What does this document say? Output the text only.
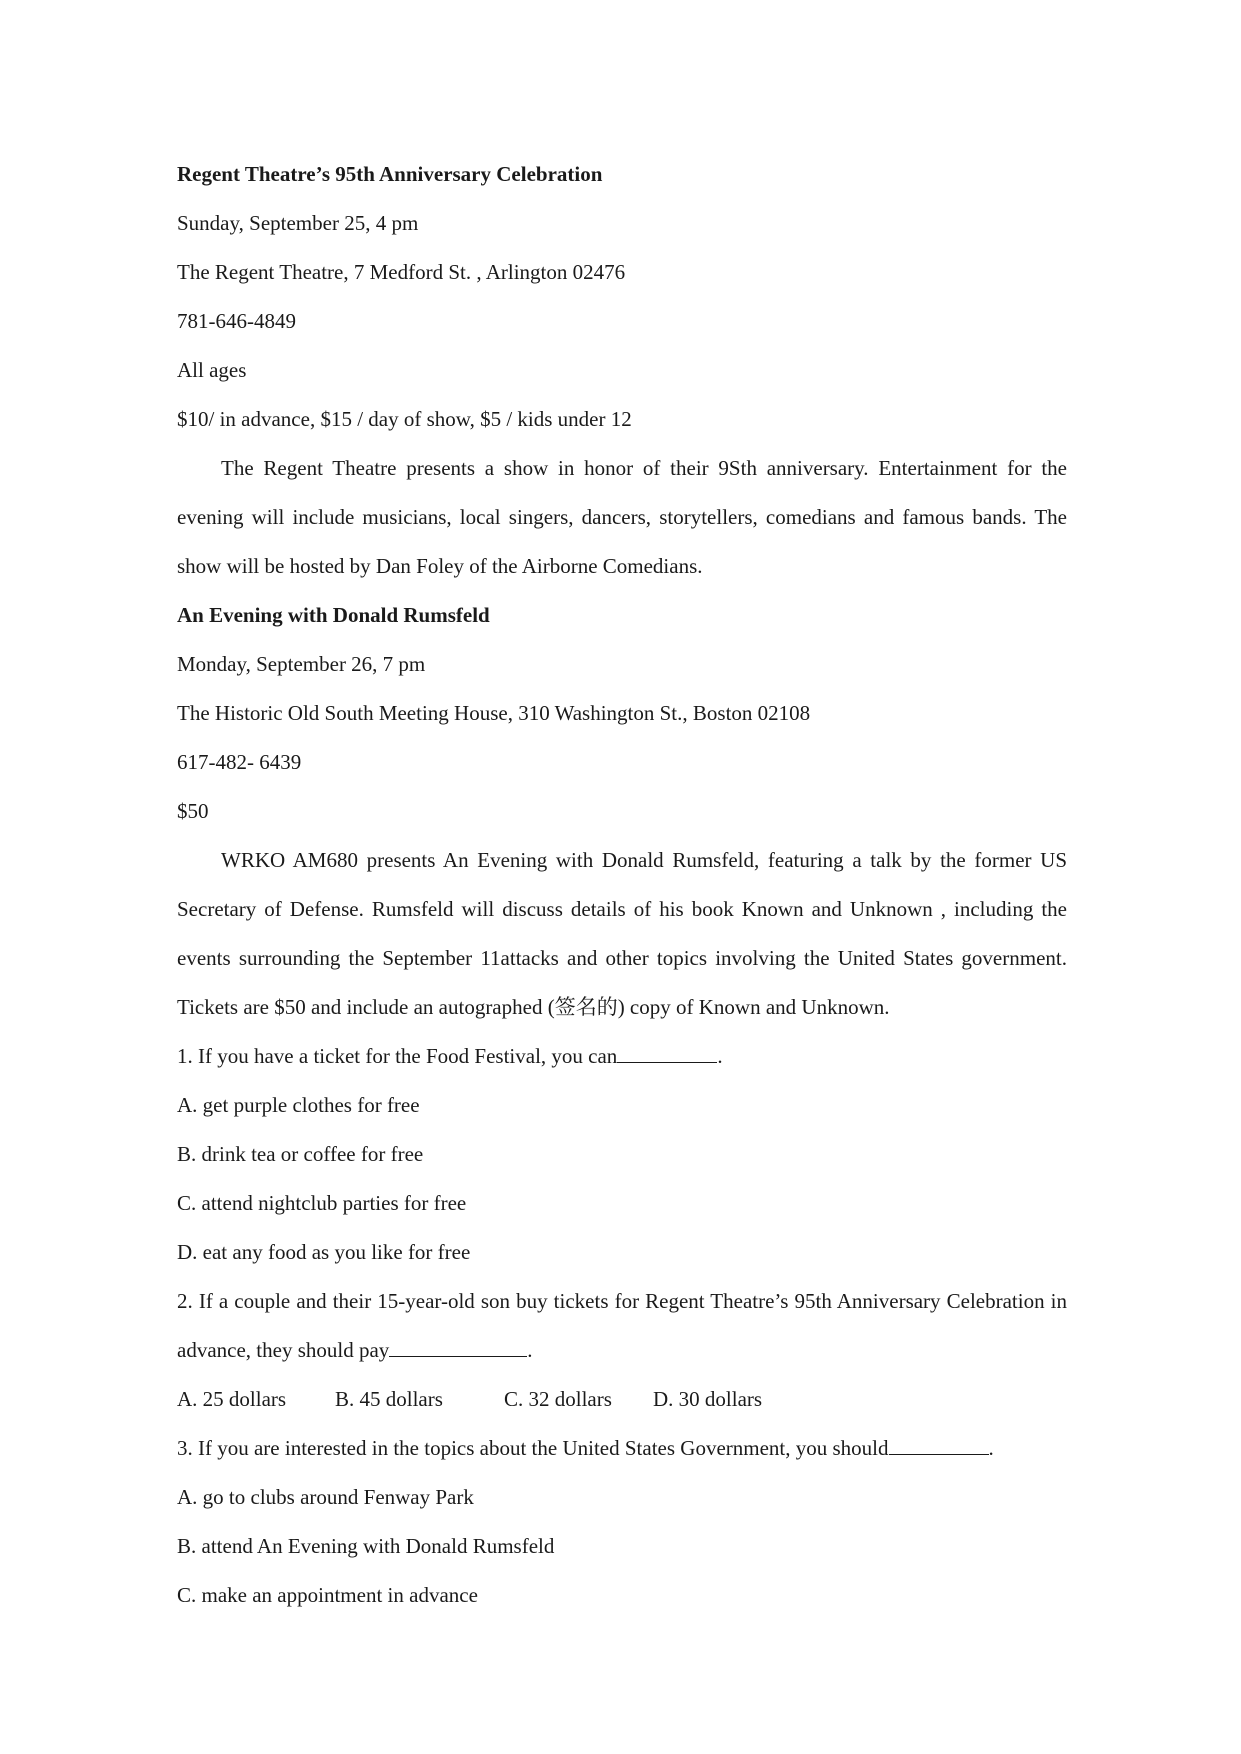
Regent Theatre’s 95th Anniversary Celebration
Sunday, September 25, 4 pm
The Regent Theatre, 7 Medford St. , Arlington 02476
781-646-4849
All ages
$10/ in advance, $15 / day of show, $5 / kids under 12
The Regent Theatre presents a show in honor of their 9Sth anniversary. Entertainment for the evening will include musicians, local singers, dancers, storytellers, comedians and famous bands. The show will be hosted by Dan Foley of the Airborne Comedians.
An Evening with Donald Rumsfeld
Monday, September 26, 7 pm
The Historic Old South Meeting House, 310 Washington St., Boston 02108
617-482- 6439
$50
WRKO AM680 presents An Evening with Donald Rumsfeld, featuring a talk by the former US Secretary of Defense. Rumsfeld will discuss details of his book Known and Unknown , including the events surrounding the September 11attacks and other topics involving the United States government. Tickets are $50 and include an autographed (签名的) copy of Known and Unknown.
1. If you have a ticket for the Food Festival, you can	.
A. get purple clothes for free
B. drink tea or coffee for free
C. attend nightclub parties for free
D. eat any food as you like for free
2. If a couple and their 15-year-old son buy tickets for Regent Theatre’s 95th Anniversary Celebration in advance, they should pay	.
A. 25 dollars	B. 45 dollars	C. 32 dollars	D. 30 dollars
3. If you are interested in the topics about the United States Government, you should	.
A. go to clubs around Fenway Park
B. attend An Evening with Donald Rumsfeld
C. make an appointment in advance
